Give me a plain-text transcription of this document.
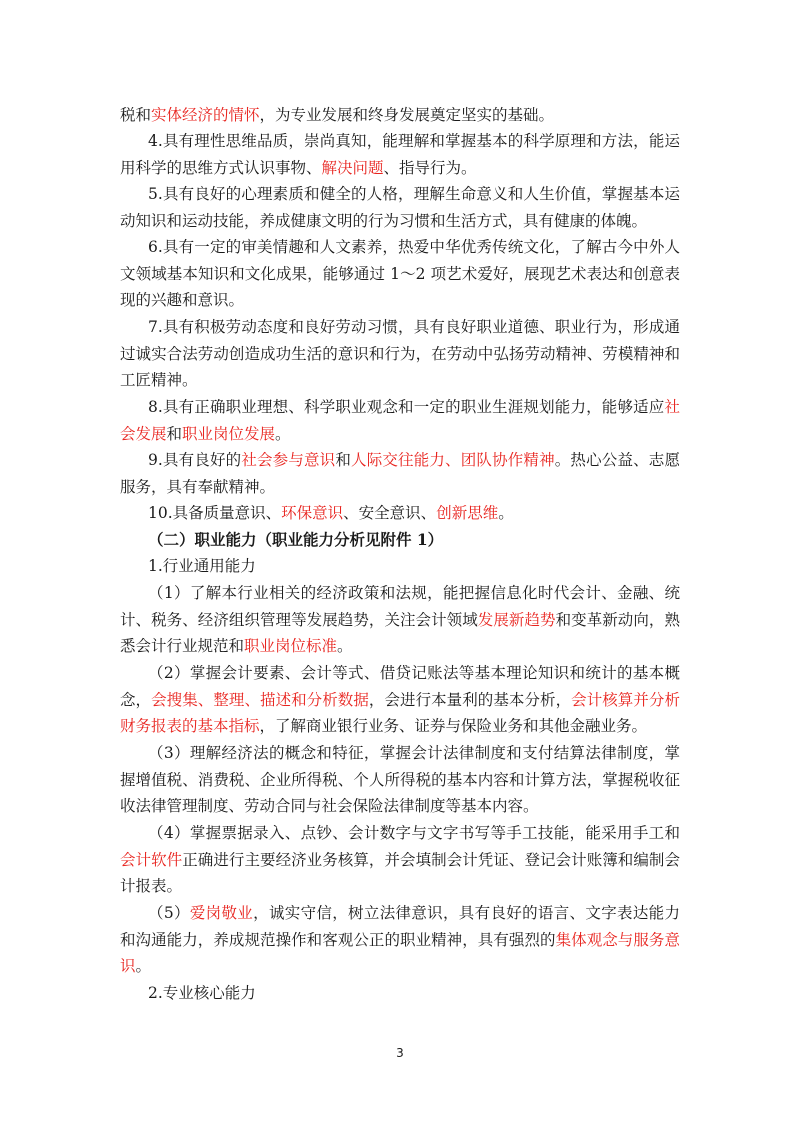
税和实体经济的情怀，为专业发展和终身发展奠定坚实的基础。

4.具有理性思维品质，崇尚真知，能理解和掌握基本的科学原理和方法，能运用科学的思维方式认识事物、解决问题、指导行为。

5.具有良好的心理素质和健全的人格，理解生命意义和人生价值，掌握基本运动知识和运动技能，养成健康文明的行为习惯和生活方式，具有健康的体魄。

6.具有一定的审美情趣和人文素养，热爱中华优秀传统文化，了解古今中外人文领域基本知识和文化成果，能够通过 1～2 项艺术爱好，展现艺术表达和创意表现的兴趣和意识。

7.具有积极劳动态度和良好劳动习惯，具有良好职业道德、职业行为，形成通过诚实合法劳动创造成功生活的意识和行为，在劳动中弘扬劳动精神、劳模精神和工匠精神。

8.具有正确职业理想、科学职业观念和一定的职业生涯规划能力，能够适应社会发展和职业岗位发展。

9.具有良好的社会参与意识和人际交往能力、团队协作精神。热心公益、志愿服务，具有奉献精神。

10.具备质量意识、环保意识、安全意识、创新思维。

（二）职业能力（职业能力分析见附件 1）

1.行业通用能力

（1）了解本行业相关的经济政策和法规，能把握信息化时代会计、金融、统计、税务、经济组织管理等发展趋势，关注会计领域发展新趋势和变革新动向，熟悉会计行业规范和职业岗位标准。

（2）掌握会计要素、会计等式、借贷记账法等基本理论知识和统计的基本概念，会搜集、整理、描述和分析数据，会进行本量利的基本分析，会计核算并分析财务报表的基本指标，了解商业银行业务、证券与保险业务和其他金融业务。

（3）理解经济法的概念和特征，掌握会计法律制度和支付结算法律制度，掌握增值税、消费税、企业所得税、个人所得税的基本内容和计算方法，掌握税收征收法律管理制度、劳动合同与社会保险法律制度等基本内容。

（4）掌握票据录入、点钞、会计数字与文字书写等手工技能，能采用手工和会计软件正确进行主要经济业务核算，并会填制会计凭证、登记会计账簿和编制会计报表。

（5）爱岗敬业，诚实守信，树立法律意识，具有良好的语言、文字表达能力和沟通能力，养成规范操作和客观公正的职业精神，具有强烈的集体观念与服务意识。

2.专业核心能力

3
